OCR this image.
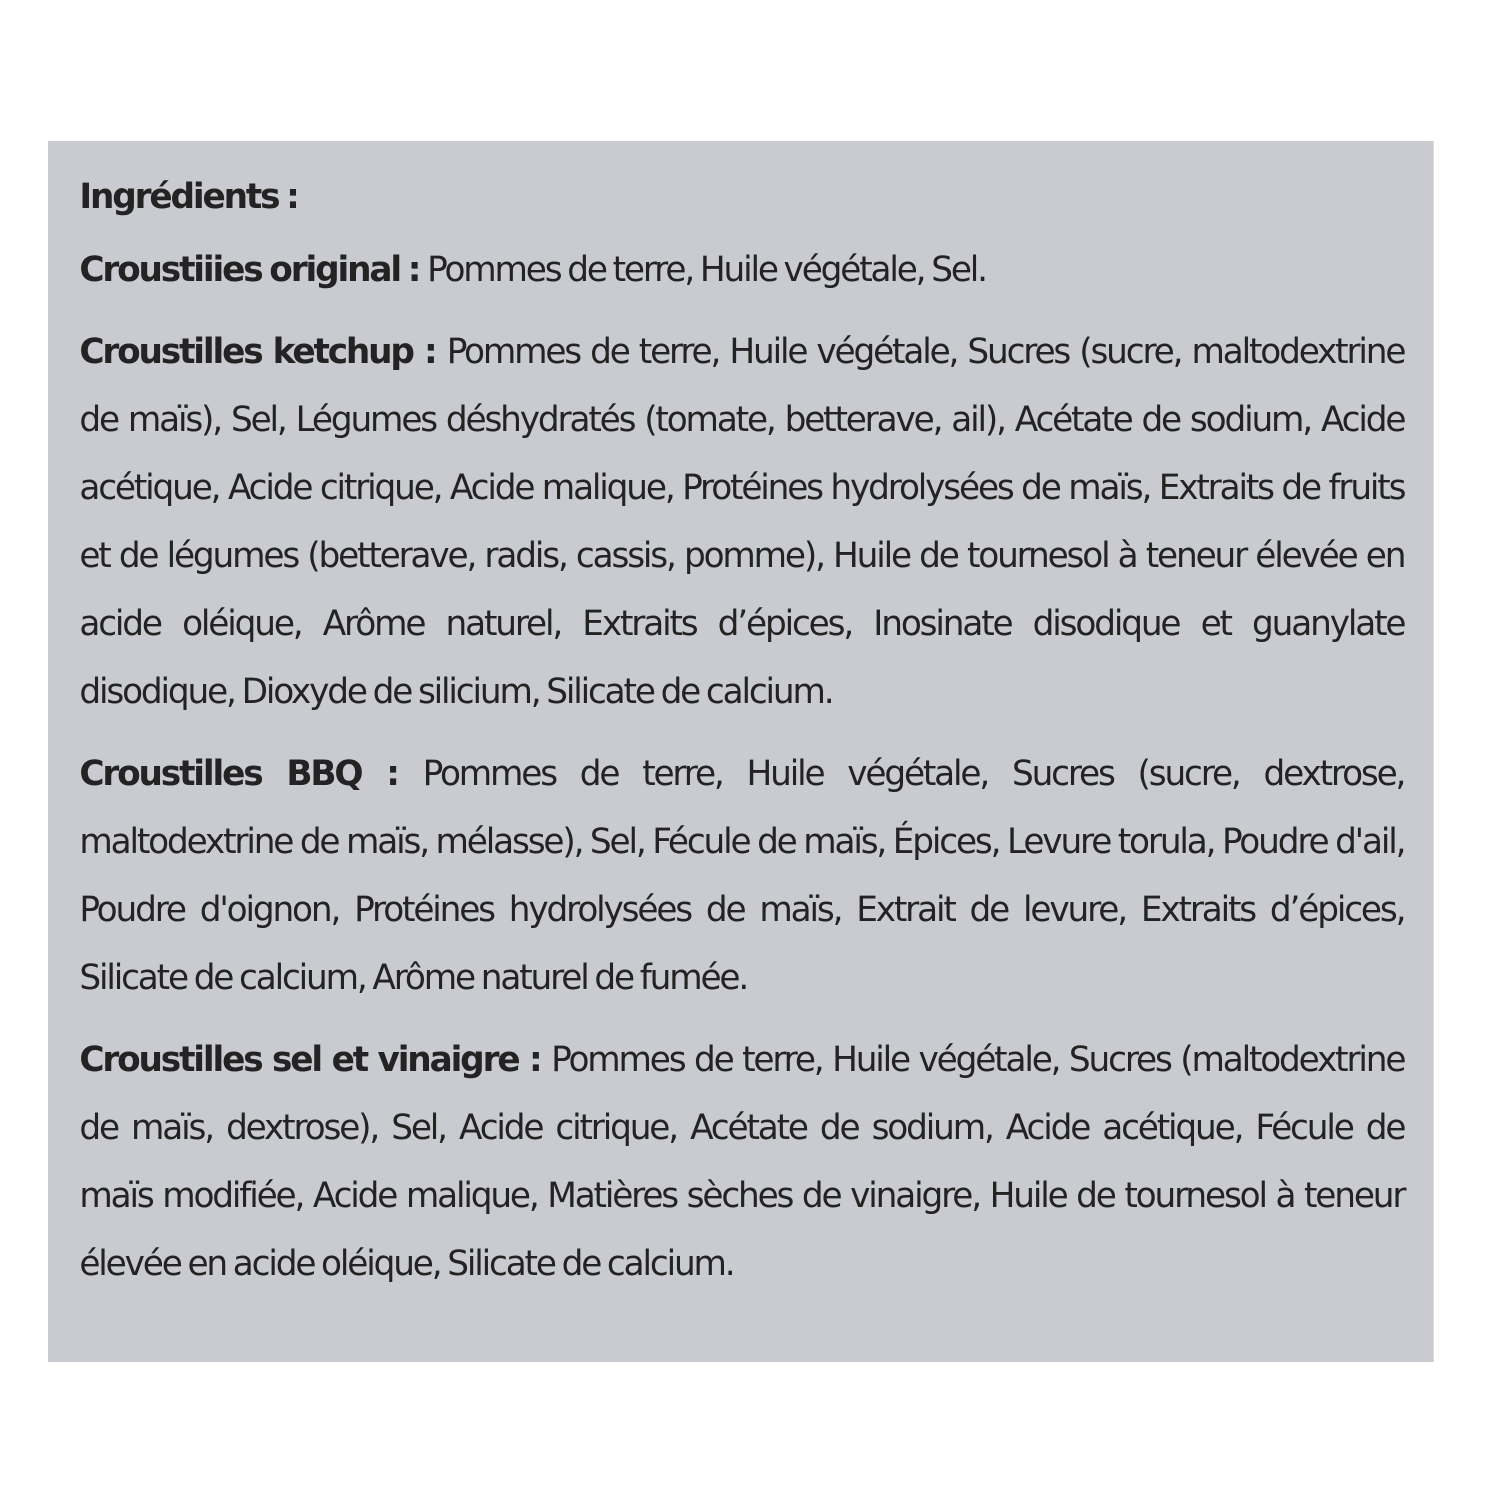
Ingrédients :
Croustiiies original : Pommes de terre, Huile végétale, Sel.
Croustilles ketchup : Pommes de terre, Huile végétale, Sucres (sucre, maltodextrine de maïs), Sel, Légumes déshydratés (tomate, betterave, ail), Acétate de sodium, Acide acétique, Acide citrique, Acide malique, Protéines hydrolysées de maïs, Extraits de fruits et de légumes (betterave, radis, cassis, pomme), Huile de tournesol à teneur élevée en acide oléique, Arôme naturel, Extraits d’épices, Inosinate disodique et guanylate disodique, Dioxyde de silicium, Silicate de calcium.
Croustilles BBQ : Pommes de terre, Huile végétale, Sucres (sucre, dextrose, maltodextrine de maïs, mélasse), Sel, Fécule de maïs, Épices, Levure torula, Poudre d'ail, Poudre d'oignon, Protéines hydrolysées de maïs, Extrait de levure, Extraits d’épices, Silicate de calcium, Arôme naturel de fumée.
Croustilles sel et vinaigre : Pommes de terre, Huile végétale, Sucres (maltodextrine de maïs, dextrose), Sel, Acide citrique, Acétate de sodium, Acide acétique, Fécule de maïs modifiée, Acide malique, Matières sèches de vinaigre, Huile de tournesol à teneur élevée en acide oléique, Silicate de calcium.
